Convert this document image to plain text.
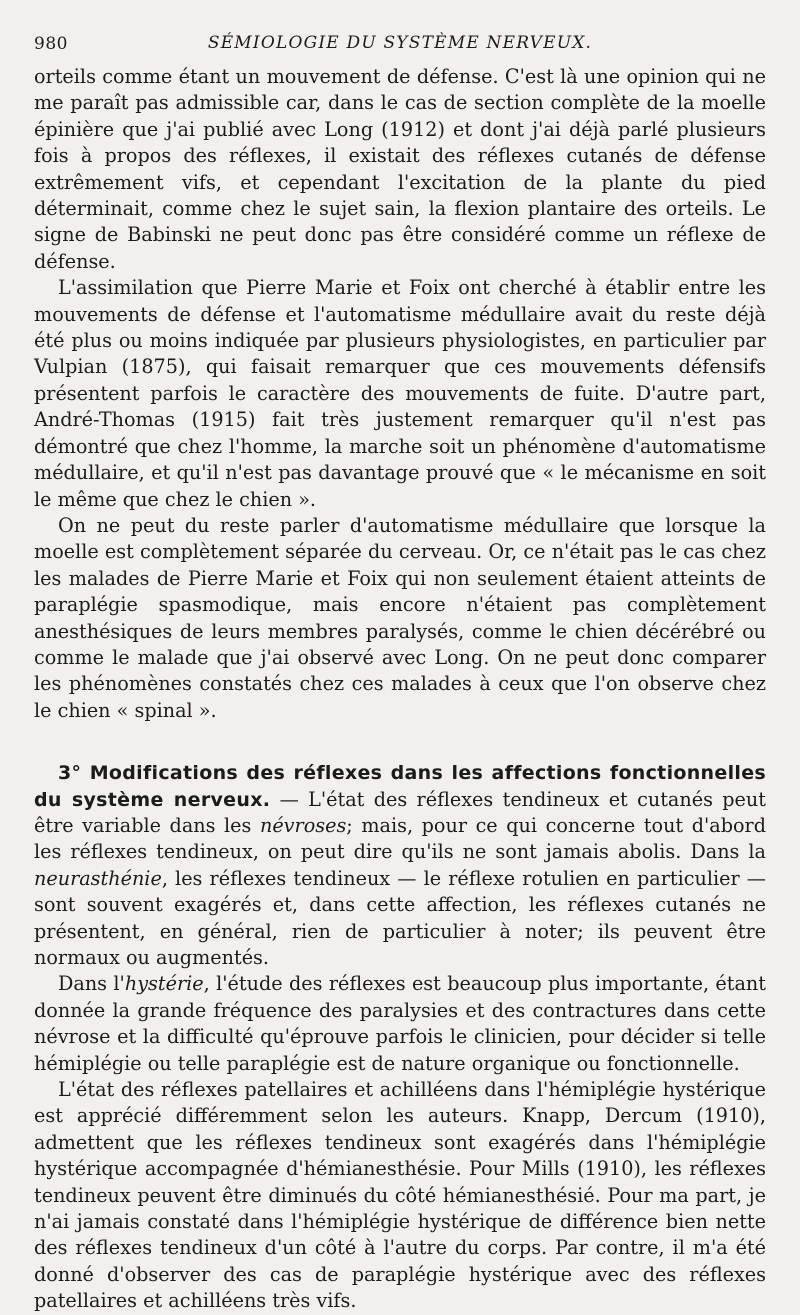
980	SÉMIOLOGIE DU SYSTÈME NERVEUX.

orteils comme étant un mouvement de défense. C'est là une opinion qui ne me paraît pas admissible car, dans le cas de section complète de la moelle épinière que j'ai publié avec Long (1912) et dont j'ai déjà parlé plusieurs fois à propos des réflexes, il existait des réflexes cutanés de défense extrêmement vifs, et cependant l'excitation de la plante du pied déterminait, comme chez le sujet sain, la flexion plantaire des orteils. Le signe de Babinski ne peut donc pas être considéré comme un réflexe de défense.

L'assimilation que Pierre Marie et Foix ont cherché à établir entre les mouvements de défense et l'automatisme médullaire avait du reste déjà été plus ou moins indiquée par plusieurs physiologistes, en particulier par Vulpian (1875), qui faisait remarquer que ces mouvements défensifs présentent parfois le caractère des mouvements de fuite. D'autre part, André-Thomas (1915) fait très justement remarquer qu'il n'est pas démontré que chez l'homme, la marche soit un phénomène d'automatisme médullaire, et qu'il n'est pas davantage prouvé que « le mécanisme en soit le même que chez le chien ».

On ne peut du reste parler d'automatisme médullaire que lorsque la moelle est complètement séparée du cerveau. Or, ce n'était pas le cas chez les malades de Pierre Marie et Foix qui non seulement étaient atteints de paraplégie spasmodique, mais encore n'étaient pas complètement anesthésiques de leurs membres paralysés, comme le chien décérébré ou comme le malade que j'ai observé avec Long. On ne peut donc comparer les phénomènes constatés chez ces malades à ceux que l'on observe chez le chien « spinal ».

3° Modifications des réflexes dans les affections fonctionnelles du système nerveux. — L'état des réflexes tendineux et cutanés peut être variable dans les névroses; mais, pour ce qui concerne tout d'abord les réflexes tendineux, on peut dire qu'ils ne sont jamais abolis. Dans la neurasthénie, les réflexes tendineux — le réflexe rotulien en particulier — sont souvent exagérés et, dans cette affection, les réflexes cutanés ne présentent, en général, rien de particulier à noter; ils peuvent être normaux ou augmentés.

Dans l'hystérie, l'étude des réflexes est beaucoup plus importante, étant donnée la grande fréquence des paralysies et des contractures dans cette névrose et la difficulté qu'éprouve parfois le clinicien, pour décider si telle hémiplégie ou telle paraplégie est de nature organique ou fonctionnelle.

L'état des réflexes patellaires et achilléens dans l'hémiplégie hystérique est apprécié différemment selon les auteurs. Knapp, Dercum (1910), admettent que les réflexes tendineux sont exagérés dans l'hémiplégie hystérique accompagnée d'hémianesthésie. Pour Mills (1910), les réflexes tendineux peuvent être diminués du côté hémianesthésié. Pour ma part, je n'ai jamais constaté dans l'hémiplégie hystérique de différence bien nette des réflexes tendineux d'un côté à l'autre du corps. Par contre, il m'a été donné d'observer des cas de paraplégie hystérique avec des réflexes patellaires et achilléens très vifs.
